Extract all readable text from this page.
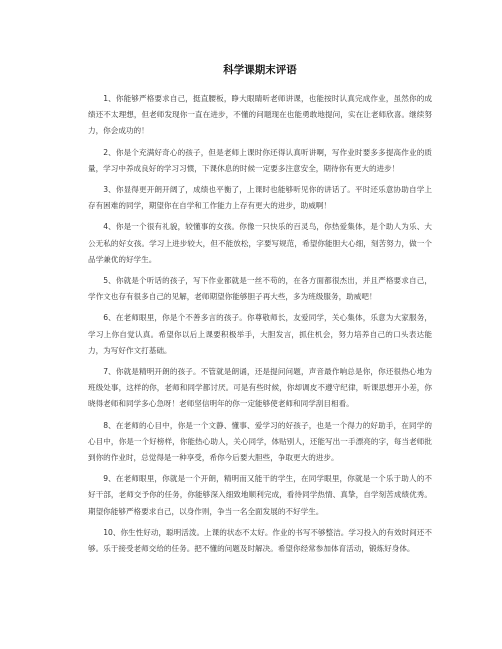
科学课期末评语
1、你能够严格要求自己，挺直腰板，睁大眼睛听老师讲课，也能按时认真完成作业，虽然你的成绩还不太理想，但老师发现你一直在进步，不懂的问题现在也能勇敢地提问，实在让老师欣喜。继续努力，你会成功的！
2、你是个充满好奇心的孩子，但是老师上课时你还得认真听讲啊，写作业时要多多提高作业的质量，学习中养成良好的学习习惯，下课休息的时候一定要多注意安全，期待你有更大的进步！
3、你显得更开朗开阔了，成绩也平衡了，上课时也能够听见你的讲话了。平时还乐意协助自学上存有困难的同学，期望你在自学和工作能力上存有更大的进步，助威啊！
4、你是一个很有礼貌，较懂事的女孩。你像一只快乐的百灵鸟，你热爱集体，是个助人为乐、大公无私的好女孩。学习上进步较大，但不能放松，字要写规范，希望你能胆大心细，刻苦努力，做一个品学兼优的好学生。
5、你就是个听话的孩子，写下作业都就是一丝不苟的，在各方面都很杰出，并且严格要求自己，学作文也存有很多自己的见解，老师期望你能够胆子再大些，多为班级服务，助威吧！
6、在老师眼里，你是个不善多言的孩子。你尊敬师长，友爱同学，关心集体，乐意为大家服务，学习上你自觉认真。希望你以后上课要积极举手，大胆发言，抓住机会，努力培养自己的口头表达能力，为写好作文打基础。
7、你就是精明开朗的孩子。不管就是朗诵，还是提问问题，声音最作响总是你，你还很热心地为班级处事，这样的你，老师和同学都讨厌。可是有些时候，你却调皮不遵守纪律，听课思想开小差，你晓得老师和同学多心急呀！老师坚信明年的你一定能够使老师和同学刮目相看。
8、在老师的心目中，你是一个文静、懂事、爱学习的好孩子，也是一个得力的好助手，在同学的心目中，你是一个好榜样，你能热心助人，关心同学，体贴别人，还能写出一手漂亮的字，每当老师批到你的作业时，总觉得是一种享受，希你今后要大胆些，争取更大的进步。
9、在老师眼里，你就是一个开朗，精明而又能干的学生，在同学眼里，你就是一个乐于助人的不好干部，老师交予你的任务，你能够深入细致地顺利完成，看待同学热情、真挚，自学刻苦成绩优秀。期望你能够严格要求自己，以身作则，争当一名全面发展的不好学生。
10、你生性好动，聪明活泼。上课的状态不太好。作业的书写不够整洁。学习投入的有效时间还不够。乐于接受老师交给的任务。把不懂的问题及时解决。希望你经常参加体育活动，锻炼好身体。
